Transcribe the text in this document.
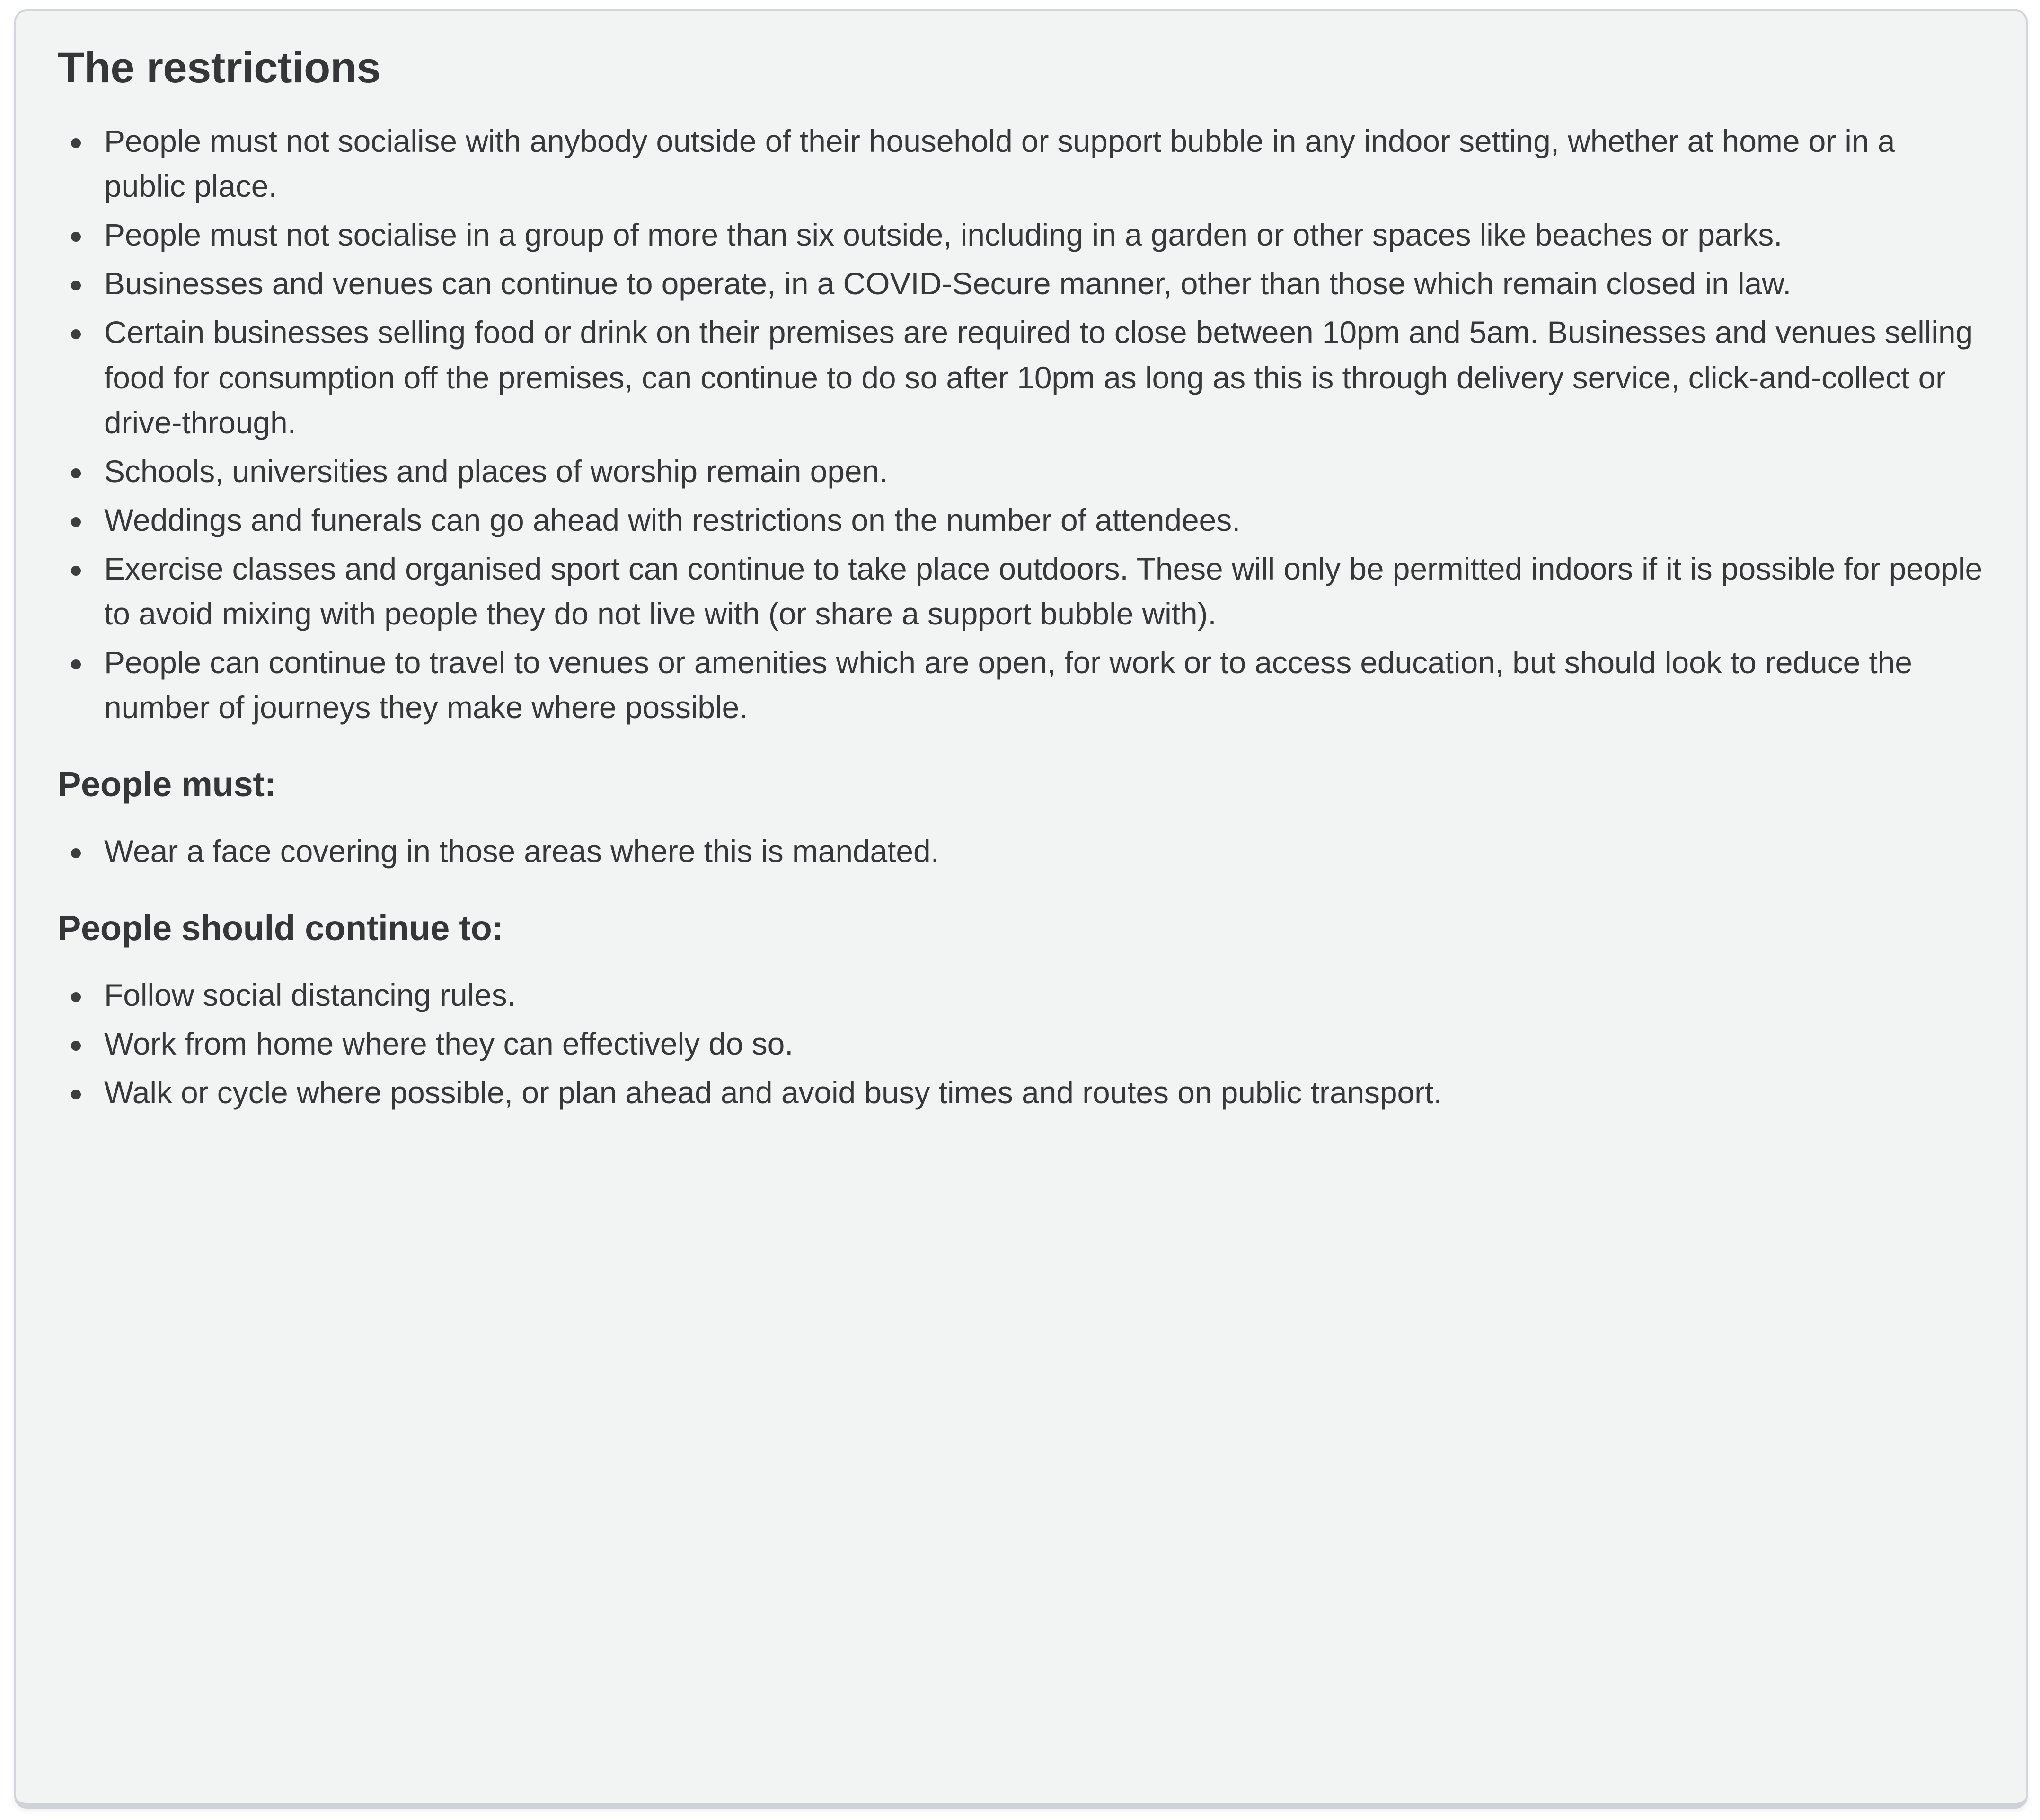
The restrictions
People must not socialise with anybody outside of their household or support bubble in any indoor setting, whether at home or in a public place.
People must not socialise in a group of more than six outside, including in a garden or other spaces like beaches or parks.
Businesses and venues can continue to operate, in a COVID-Secure manner, other than those which remain closed in law.
Certain businesses selling food or drink on their premises are required to close between 10pm and 5am. Businesses and venues selling food for consumption off the premises, can continue to do so after 10pm as long as this is through delivery service, click-and-collect or drive-through.
Schools, universities and places of worship remain open.
Weddings and funerals can go ahead with restrictions on the number of attendees.
Exercise classes and organised sport can continue to take place outdoors. These will only be permitted indoors if it is possible for people to avoid mixing with people they do not live with (or share a support bubble with).
People can continue to travel to venues or amenities which are open, for work or to access education, but should look to reduce the number of journeys they make where possible.
People must:
Wear a face covering in those areas where this is mandated.
People should continue to:
Follow social distancing rules.
Work from home where they can effectively do so.
Walk or cycle where possible, or plan ahead and avoid busy times and routes on public transport.
